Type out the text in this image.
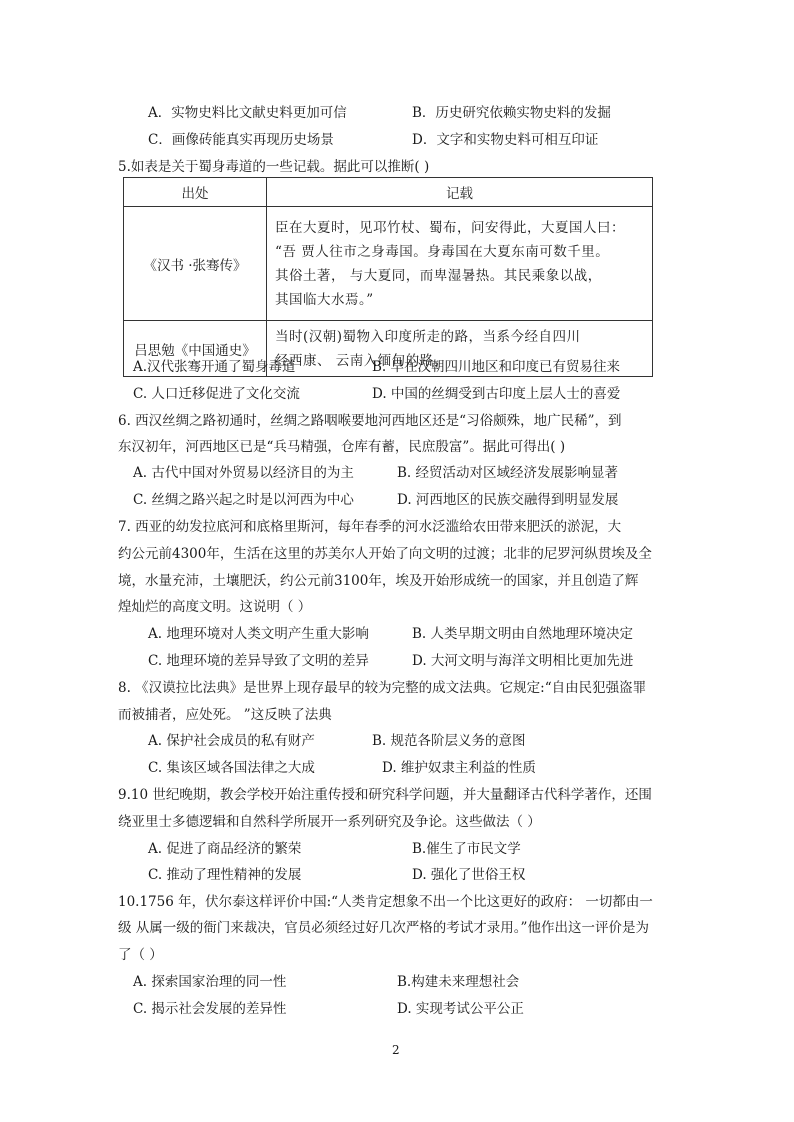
A．实物史料比文献史料更加可信	B．历史研究依赖实物史料的发掘
C．画像砖能真实再现历史场景	D．文字和实物史料可相互印证
5.如表是关于蜀身毒道的一些记载。据此可以推断( )
出处	记载
《汉书 ·张骞传》	臣在大夏时，见邛竹杖、蜀布，问安得此，大夏国人曰：
“吾 贾人往市之身毒国。身毒国在大夏东南可数千里。
其俗土著， 与大夏同，而卑湿暑热。其民乘象以战，
其国临大水焉。”

吕思勉《中国通史》	当时(汉朝)蜀物入印度所走的路，当系今经自四川
经西康、 云南入缅甸的路。
A.汉代张骞开通了蜀身毒道	B. 早在汉朝四川地区和印度已有贸易往来
C. 人口迁移促进了文化交流	D. 中国的丝绸受到古印度上层人士的喜爱
6. 西汉丝绸之路初通时，丝绸之路咽喉要地河西地区还是“习俗颇殊，地广民稀”，到
东汉初年，河西地区已是“兵马精强，仓库有蓄，民庶殷富”。据此可得出( )
A. 古代中国对外贸易以经济目的为主	B. 经贸活动对区域经济发展影响显著
C. 丝绸之路兴起之时是以河西为中心	D. 河西地区的民族交融得到明显发展
7. 西亚的幼发拉底河和底格里斯河，每年春季的河水泛滥给农田带来肥沃的淤泥，大
约公元前4300年，生活在这里的苏美尔人开始了向文明的过渡；北非的尼罗河纵贯埃及全
境，水量充沛，土壤肥沃，约公元前3100年，埃及开始形成统一的国家，并且创造了辉
煌灿烂的高度文明。这说明（ ）
A. 地理环境对人类文明产生重大影响	B. 人类早期文明由自然地理环境决定
C. 地理环境的差异导致了文明的差异	D. 大河文明与海洋文明相比更加先进
8. 《汉谟拉比法典》是世界上现存最早的较为完整的成文法典。它规定:“自由民犯强盗罪
而被捕者，应处死。 ”这反映了法典
A. 保护社会成员的私有财产	B. 规范各阶层义务的意图
C. 集该区域各国法律之大成	D. 维护奴隶主利益的性质
9.10 世纪晚期，教会学校开始注重传授和研究科学问题，并大量翻译古代科学著作，还围
绕亚里士多德逻辑和自然科学所展开一系列研究及争论。这些做法（ ）
A. 促进了商品经济的繁荣	B.催生了市民文学
C. 推动了理性精神的发展	D. 强化了世俗王权
10.1756 年，伏尔泰这样评价中国:“人类肯定想象不出一个比这更好的政府： 一切都由一
级 从属一级的衙门来裁决，官员必须经过好几次严格的考试才录用。”他作出这一评价是为
了（ ）
A. 探索国家治理的同一性	B.构建未来理想社会
C. 揭示社会发展的差异性	D. 实现考试公平公正
2
